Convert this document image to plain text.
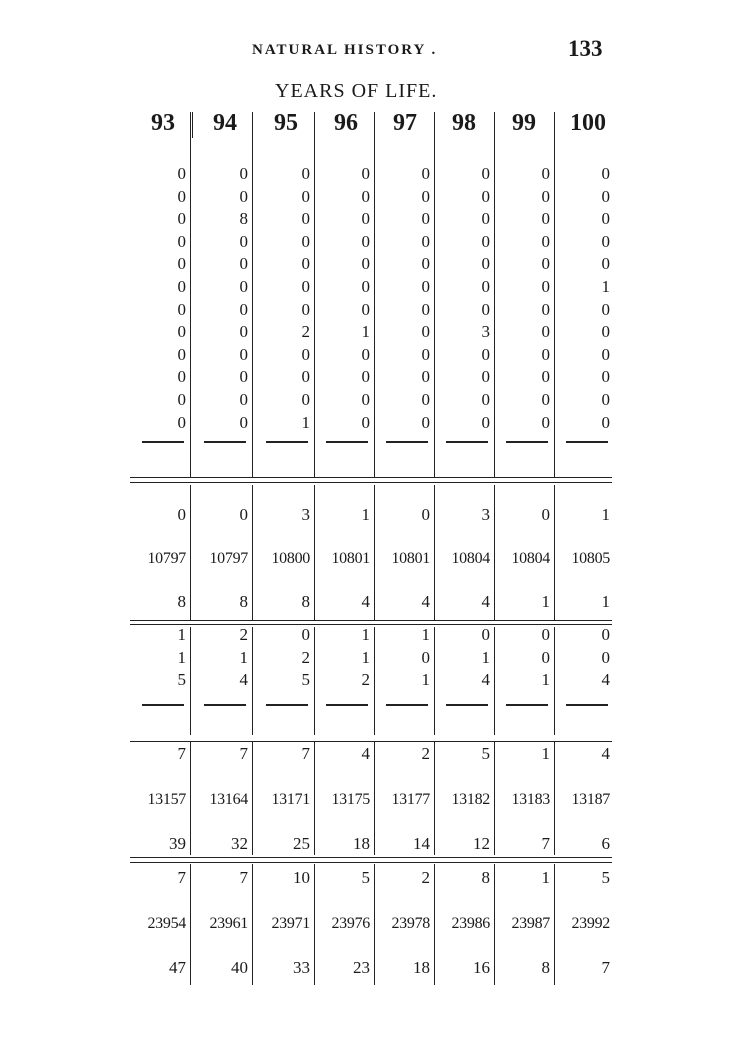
NATURAL HISTORY .	133
YEARS OF LIFE.
93	94	95	96	97	98	99	100
0	0	0	0	0	0	0	0
0	0	0	0	0	0	0	0
0	8	0	0	0	0	0	0
0	0	0	0	0	0	0	0
0	0	0	0	0	0	0	0
0	0	0	0	0	0	0	1
0	0	0	0	0	0	0	0
0	0	2	1	0	3	0	0
0	0	0	0	0	0	0	0
0	0	0	0	0	0	0	0
0	0	0	0	0	0	0	0
0	0	1	0	0	0	0	0
0	0	3	1	0	3	0	1
10797	10797	10800	10801	10801	10804	10804	10805
8	8	8	4	4	4	1	1
1	2	0	1	1	0	0	0
1	1	2	1	0	1	0	0
5	4	5	2	1	4	1	4
7	7	7	4	2	5	1	4
13157	13164	13171	13175	13177	13182	13183	13187
39	32	25	18	14	12	7	6
7	7	10	5	2	8	1	5
23954	23961	23971	23976	23978	23986	23987	23992
47	40	33	23	18	16	8	7
